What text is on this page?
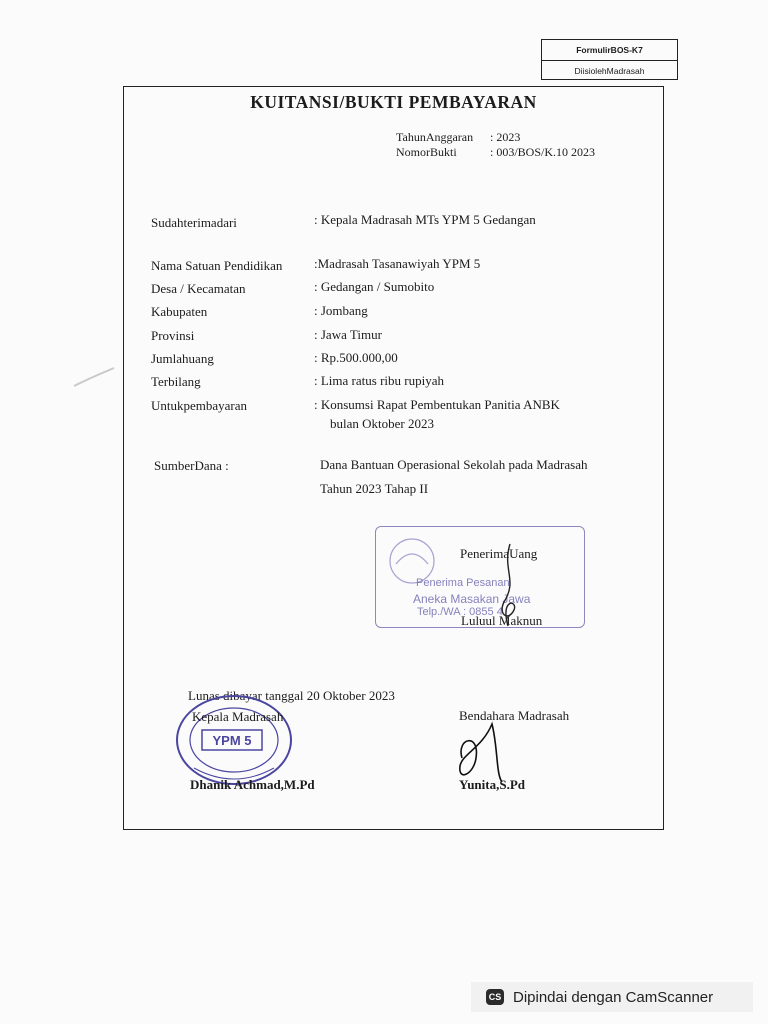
FormulirBOS-K7
DiisiolehMadrasah
KUITANSI/BUKTI PEMBAYARAN
TahunAnggaran : 2023
NomorBukti	: 003/BOS/K.10 2023
Sudahterimadari	: Kepala Madrasah MTs YPM 5 Gedangan
Nama Satuan Pendidikan :Madrasah Tasanawiyah YPM 5
Desa / Kecamatan	: Gedangan / Sumobito
Kabupaten	: Jombang
Provinsi	: Jawa Timur
Jumlahuang	: Rp.500.000,00
Terbilang	: Lima ratus ribu rupiyah
Untukpembayaran	: Konsumsi Rapat Pembentukan Panitia ANBK
bulan Oktober 2023
SumberDana :	Dana Bantuan Operasional Sekolah pada Madrasah
Tahun 2023 Tahap II
Penerima Pesanan
Aneka Masakan Jawa
Telp./WA : 0855 4
PenerimaUang
Luluul Maknun
Lunas dibayar tanggal 20 Oktober 2023
YPM 5
Kepala Madrasah
Dhanik Achmad,M.Pd
Bendahara Madrasah
Yunita,S.Pd
CS Dipindai dengan CamScanner
